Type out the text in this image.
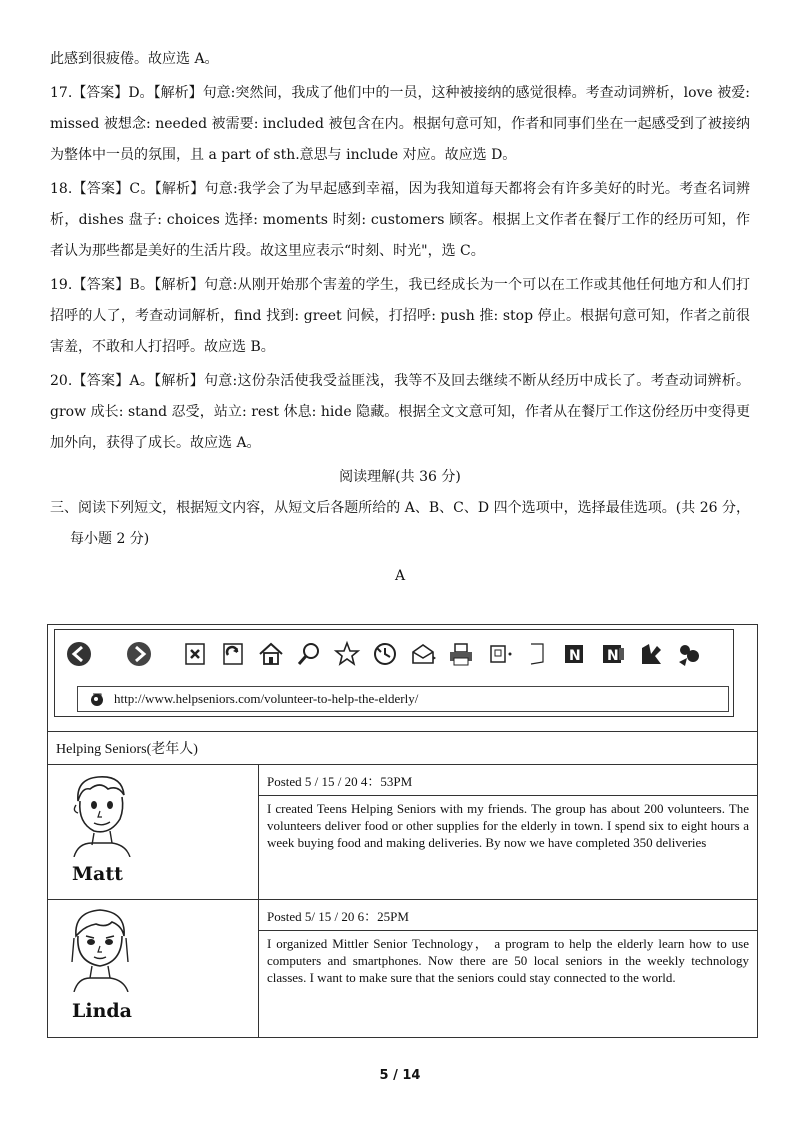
此感到很疲倦。故应选 A。

17.【答案】D。【解析】句意:突然间，我成了他们中的一员，这种被接纳的感觉很棒。考查动词辨析，love 被爱: missed 被想念: needed 被需要: included 被包含在内。根据句意可知，作者和同事们坐在一起感受到了被接纳为整体中一员的氛围，且 a part of sth.意思与 include 对应。故应选 D。

18.【答案】C。【解析】句意:我学会了为早起感到幸福，因为我知道每天都将会有许多美好的时光。考查名词辨析，dishes 盘子: choices 选择: moments 时刻: customers 顾客。根据上文作者在餐厅工作的经历可知，作者认为那些都是美好的生活片段。故这里应表示“时刻、时光"，选 C。

19.【答案】B。【解析】句意:从刚开始那个害羞的学生，我已经成长为一个可以在工作或其他任何地方和人们打招呼的人了，考查动词解析，find 找到: greet 问候，打招呼: push 推: stop 停止。根据句意可知，作者之前很害羞，不敢和人打招呼。故应选 B。

20.【答案】A。【解析】句意:这份杂活使我受益匪浅，我等不及回去继续不断从经历中成长了。考查动词辨析。grow 成长: stand 忍受，站立: rest 休息: hide 隐藏。根据全文文意可知，作者从在餐厅工作这份经历中变得更加外向，获得了成长。故应选 A。

阅读理解(共 36 分)

三、阅读下列短文，根据短文内容，从短文后各题所给的 A、B、C、D 四个选项中，选择最佳选项。(共 26 分，每小题 2 分)

A
N N
http://www.helpseniors.com/volunteer-to-help-the-elderly/
Helping Seniors(老年人)
Matt
Posted 5 / 15 / 20 4：53PM
I created Teens Helping Seniors with my friends. The group has about 200 volunteers. The volunteers deliver food or other supplies for the elderly in town. I spend six to eight hours a week buying food and making deliveries. By now we have completed 350 deliveries
Linda
Posted 5/ 15 / 20 6：25PM
I organized Mittler Senior Technology， a program to help the elderly learn how to use computers and smartphones. Now there are 50 local seniors in the weekly technology classes. I want to make sure that the seniors could stay connected to the world.
5 / 14
